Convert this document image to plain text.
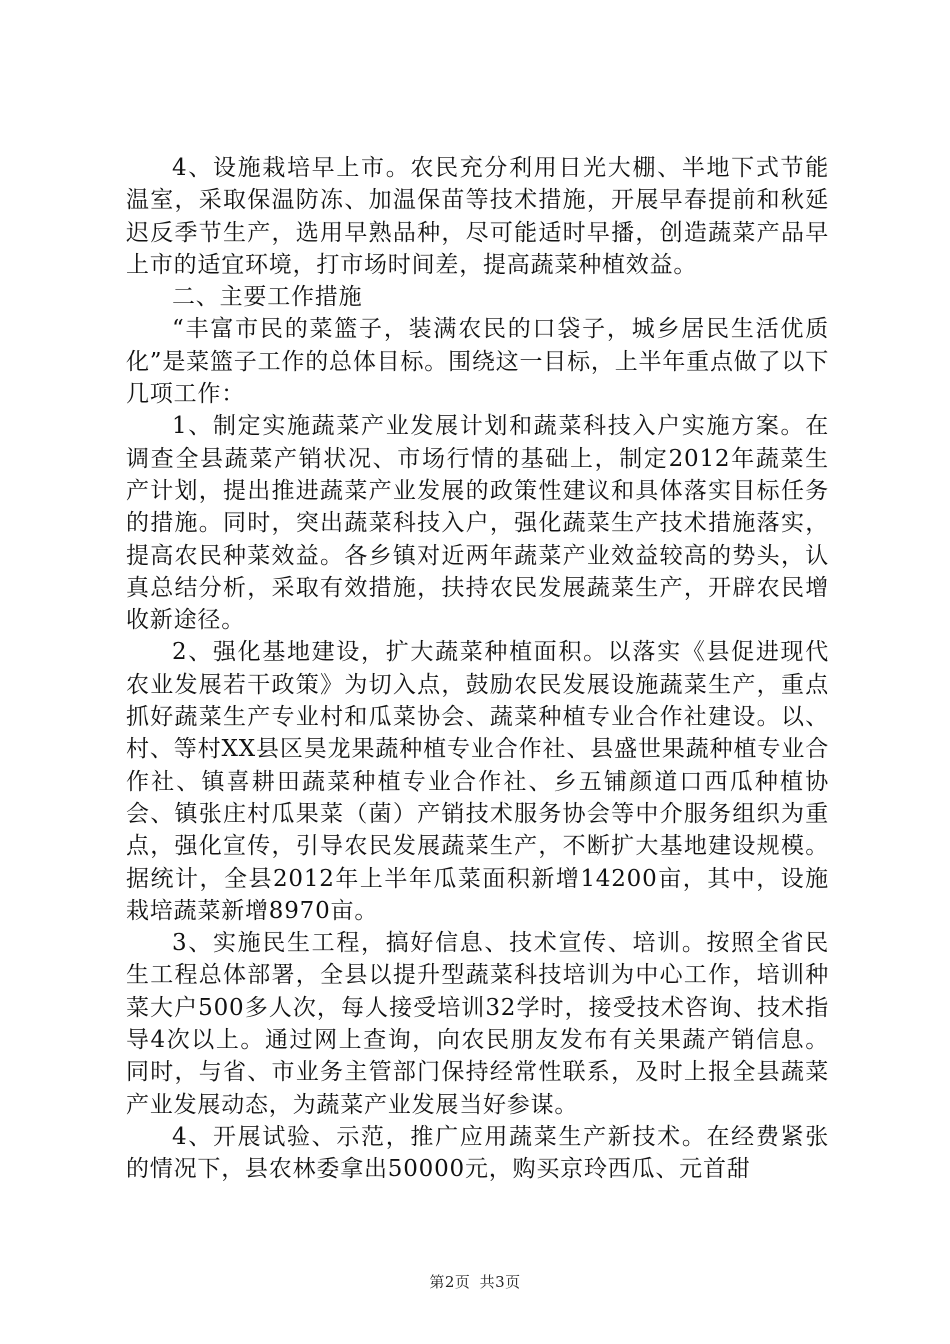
4、设施栽培早上市。农民充分利用日光大棚、半地下式节能温室，采取保温防冻、加温保苗等技术措施，开展早春提前和秋延迟反季节生产，选用早熟品种，尽可能适时早播，创造蔬菜产品早上市的适宜环境，打市场时间差，提高蔬菜种植效益。

二、主要工作措施

“丰富市民的菜篮子，装满农民的口袋子，城乡居民生活优质化”是菜篮子工作的总体目标。围绕这一目标，上半年重点做了以下几项工作：

1、制定实施蔬菜产业发展计划和蔬菜科技入户实施方案。在调查全县蔬菜产销状况、市场行情的基础上，制定2012年蔬菜生产计划，提出推进蔬菜产业发展的政策性建议和具体落实目标任务的措施。同时，突出蔬菜科技入户，强化蔬菜生产技术措施落实，提高农民种菜效益。各乡镇对近两年蔬菜产业效益较高的势头，认真总结分析，采取有效措施，扶持农民发展蔬菜生产，开辟农民增收新途径。

2、强化基地建设，扩大蔬菜种植面积。以落实《县促进现代农业发展若干政策》为切入点，鼓励农民发展设施蔬菜生产，重点抓好蔬菜生产专业村和瓜菜协会、蔬菜种植专业合作社建设。以、村、等村XX县区昊龙果蔬种植专业合作社、县盛世果蔬种植专业合作社、镇喜耕田蔬菜种植专业合作社、乡五铺颜道口西瓜种植协会、镇张庄村瓜果菜（菌）产销技术服务协会等中介服务组织为重点，强化宣传，引导农民发展蔬菜生产，不断扩大基地建设规模。据统计，全县2012年上半年瓜菜面积新增14200亩，其中，设施栽培蔬菜新增8970亩。

3、实施民生工程，搞好信息、技术宣传、培训。按照全省民生工程总体部署，全县以提升型蔬菜科技培训为中心工作，培训种菜大户500多人次，每人接受培训32学时，接受技术咨询、技术指导4次以上。通过网上查询，向农民朋友发布有关果蔬产销信息。同时，与省、市业务主管部门保持经常性联系，及时上报全县蔬菜产业发展动态，为蔬菜产业发展当好参谋。

4、开展试验、示范，推广应用蔬菜生产新技术。在经费紧张的情况下，县农林委拿出50000元，购买京玲西瓜、元首甜

第2页 共3页
